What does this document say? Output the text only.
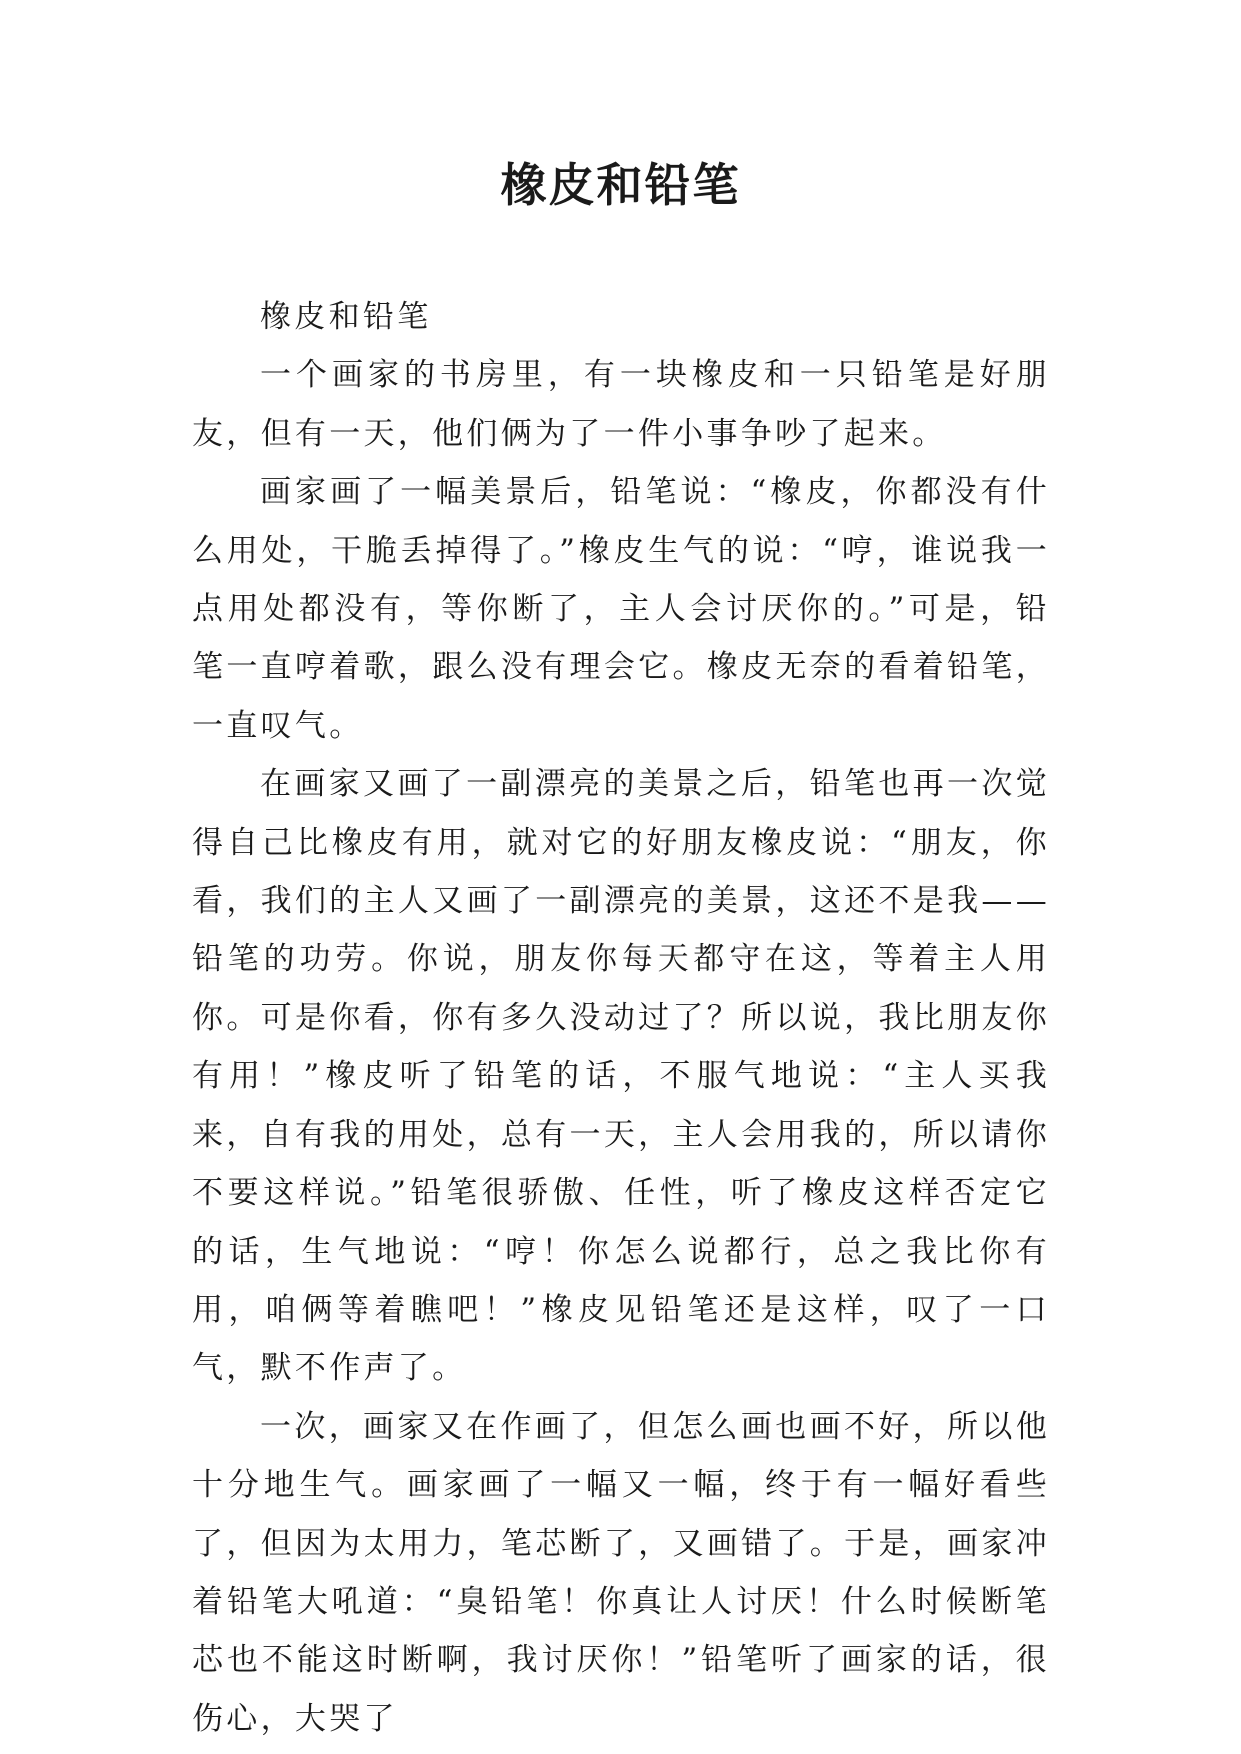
橡皮和铅笔

橡皮和铅笔

一个画家的书房里，有一块橡皮和一只铅笔是好朋友，但有一天，他们俩为了一件小事争吵了起来。

画家画了一幅美景后，铅笔说：“橡皮，你都没有什么用处，干脆丢掉得了。”橡皮生气的说：“哼，谁说我一点用处都没有，等你断了，主人会讨厌你的。”可是，铅笔一直哼着歌，跟么没有理会它。橡皮无奈的看着铅笔，一直叹气。

在画家又画了一副漂亮的美景之后，铅笔也再一次觉得自己比橡皮有用，就对它的好朋友橡皮说：“朋友，你看，我们的主人又画了一副漂亮的美景，这还不是我——铅笔的功劳。你说，朋友你每天都守在这，等着主人用你。可是你看，你有多久没动过了？所以说，我比朋友你有用！”橡皮听了铅笔的话，不服气地说：“主人买我来，自有我的用处，总有一天，主人会用我的，所以请你不要这样说。”铅笔很骄傲、任性，听了橡皮这样否定它的话，生气地说：“哼！你怎么说都行，总之我比你有用，咱俩等着瞧吧！”橡皮见铅笔还是这样，叹了一口气，默不作声了。

一次，画家又在作画了，但怎么画也画不好，所以他十分地生气。画家画了一幅又一幅，终于有一幅好看些了，但因为太用力，笔芯断了，又画错了。于是，画家冲着铅笔大吼道：“臭铅笔！你真让人讨厌！什么时候断笔芯也不能这时断啊，我讨厌你！”铅笔听了画家的话，很伤心，大哭了
